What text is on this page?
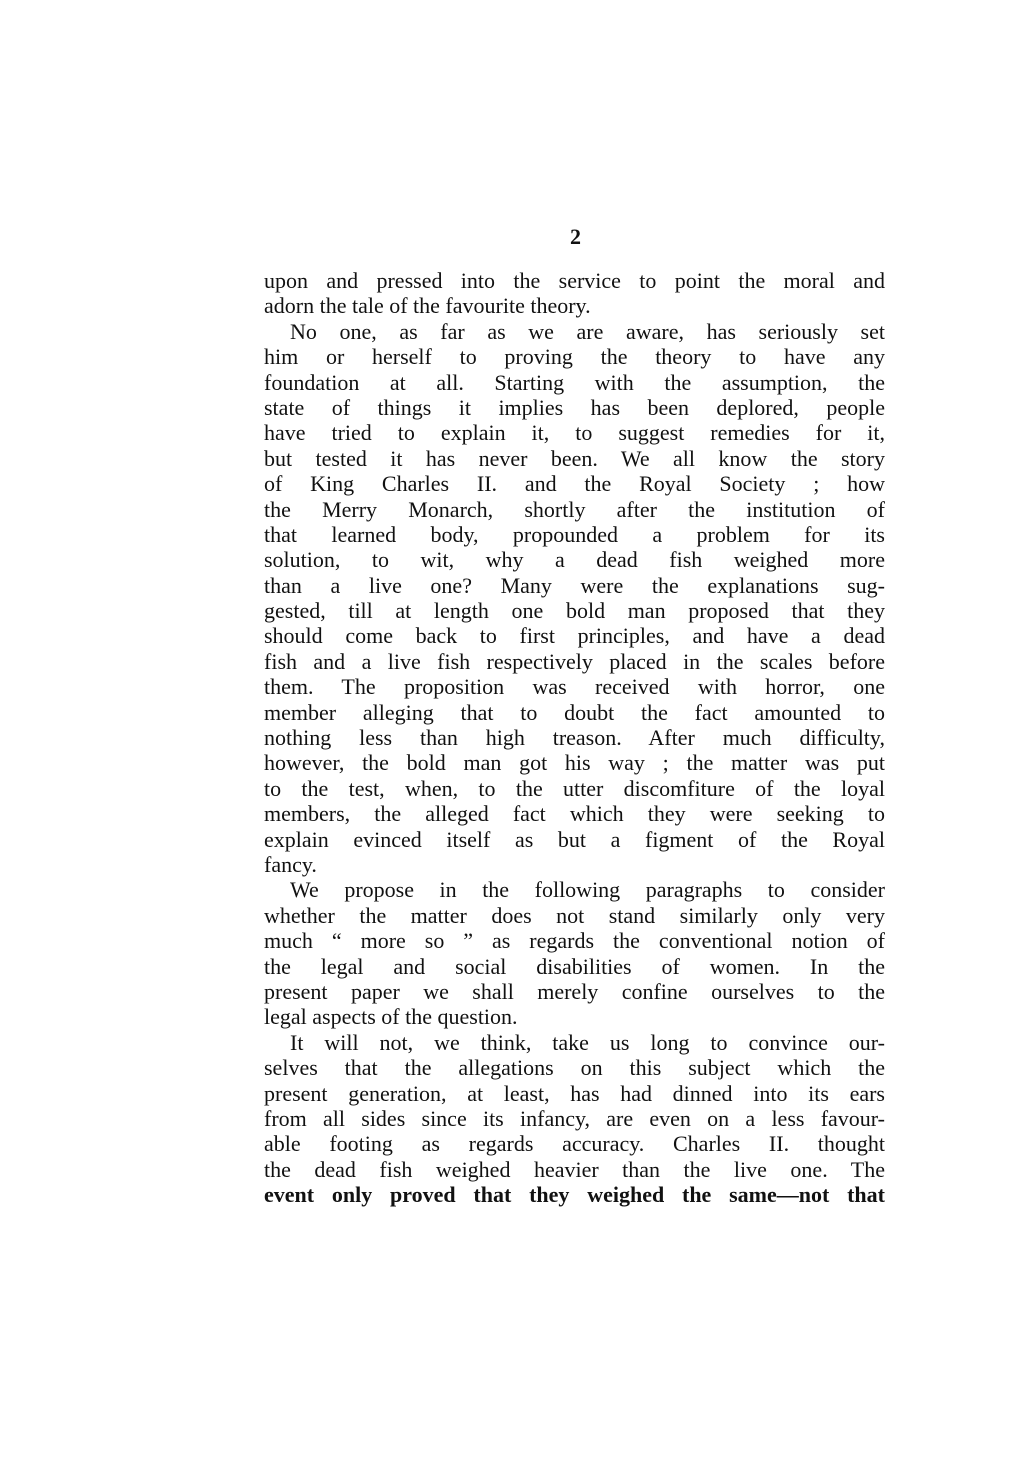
2
upon and pressed into the service to point the moral and
adorn the tale of the favourite theory.
No one, as far as we are aware, has seriously set
him or herself to proving the theory to have any
foundation at all. Starting with the assumption, the
state of things it implies has been deplored, people
have tried to explain it, to suggest remedies for it,
but tested it has never been. We all know the story
of King Charles II. and the Royal Society ; how
the Merry Monarch, shortly after the institution of
that learned body, propounded a problem for its
solution, to wit, why a dead fish weighed more
than a live one? Many were the explanations sug-
gested, till at length one bold man proposed that they
should come back to first principles, and have a dead
fish and a live fish respectively placed in the scales before
them. The proposition was received with horror, one
member alleging that to doubt the fact amounted to
nothing less than high treason. After much difficulty,
however, the bold man got his way ; the matter was put
to the test, when, to the utter discomfiture of the loyal
members, the alleged fact which they were seeking to
explain evinced itself as but a figment of the Royal
fancy.
We propose in the following paragraphs to consider
whether the matter does not stand similarly only very
much “ more so ” as regards the conventional notion of
the legal and social disabilities of women. In the
present paper we shall merely confine ourselves to the
legal aspects of the question.
It will not, we think, take us long to convince our-
selves that the allegations on this subject which the
present generation, at least, has had dinned into its ears
from all sides since its infancy, are even on a less favour-
able footing as regards accuracy. Charles II. thought
the dead fish weighed heavier than the live one. The
event only proved that they weighed the same—not that
